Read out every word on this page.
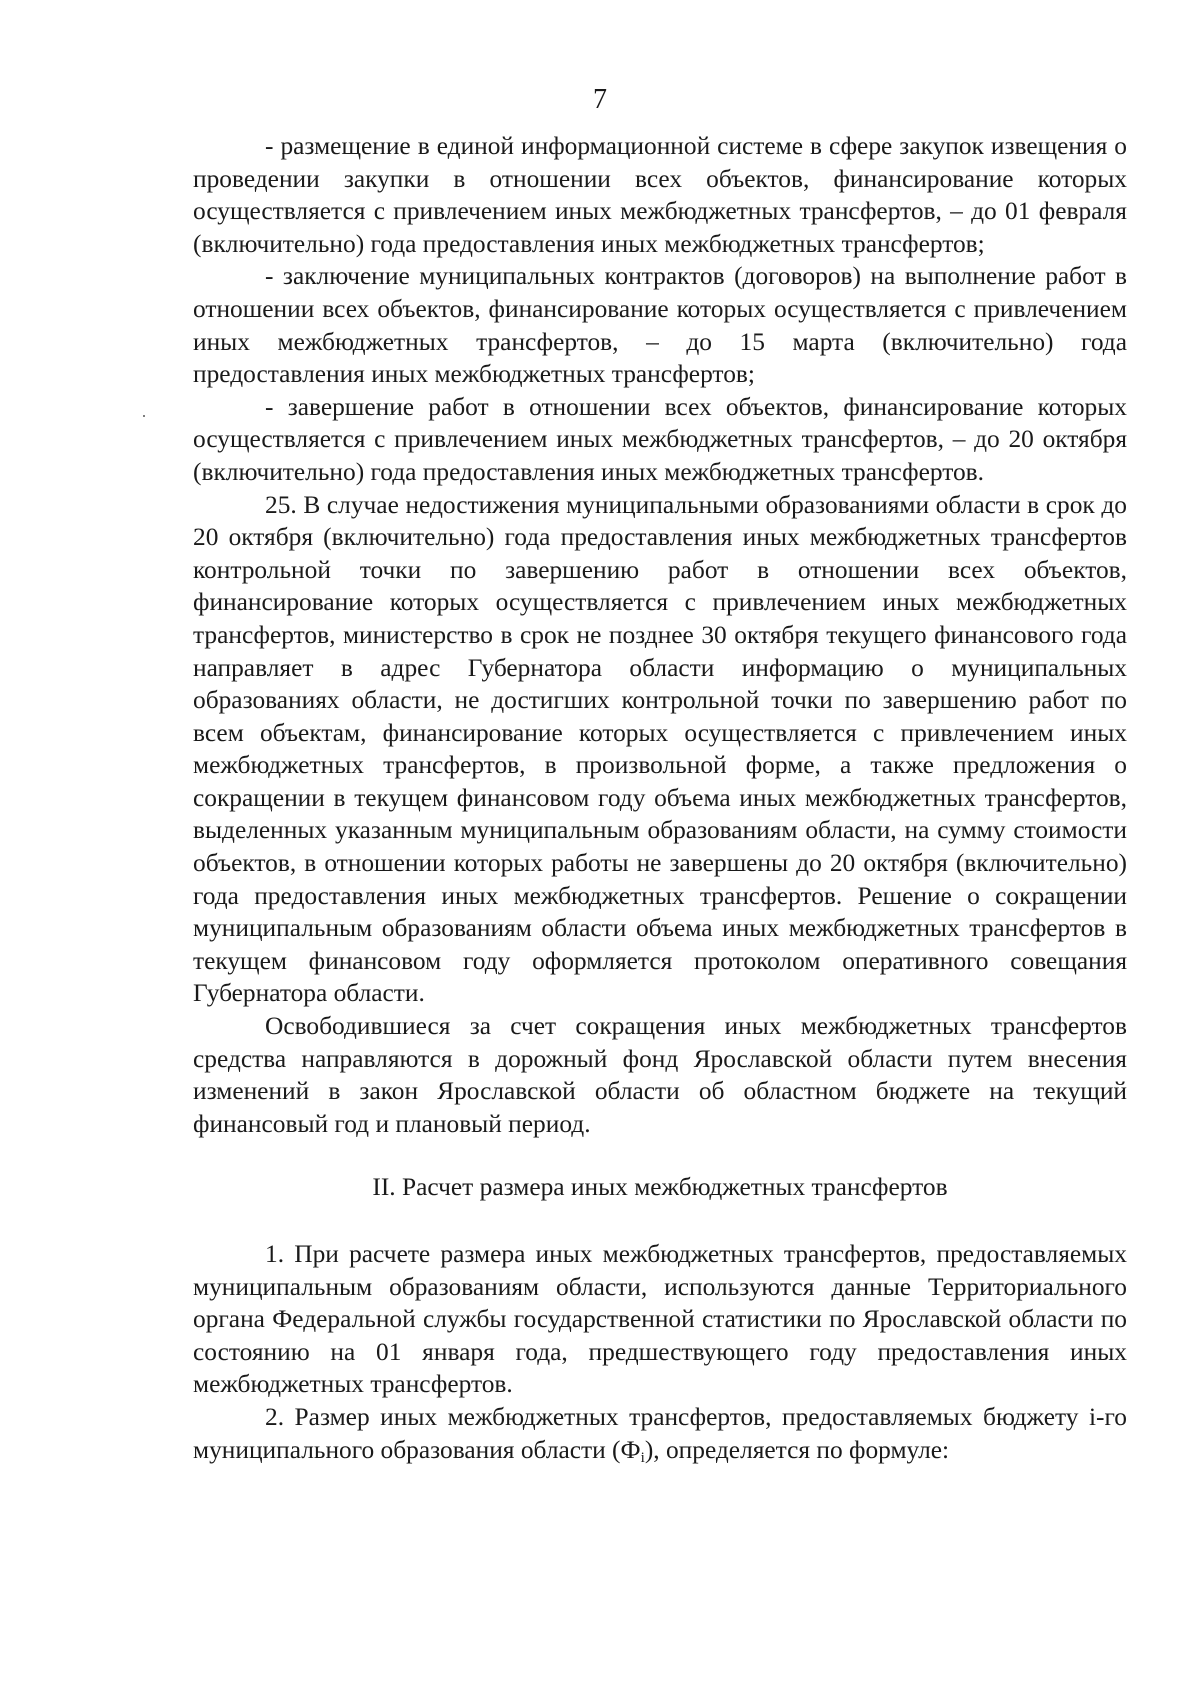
7

- размещение в единой информационной системе в сфере закупок извещения о проведении закупки в отношении всех объектов, финансирование которых осуществляется с привлечением иных межбюджетных трансфертов, – до 01 февраля (включительно) года предоставления иных межбюджетных трансфертов;

- заключение муниципальных контрактов (договоров) на выполнение работ в отношении всех объектов, финансирование которых осуществляется с привлечением иных межбюджетных трансфертов, – до 15 марта (включительно) года предоставления иных межбюджетных трансфертов;

- завершение работ в отношении всех объектов, финансирование которых осуществляется с привлечением иных межбюджетных трансфертов, – до 20 октября (включительно) года предоставления иных межбюджетных трансфертов.

25. В случае недостижения муниципальными образованиями области в срок до 20 октября (включительно) года предоставления иных межбюджетных трансфертов контрольной точки по завершению работ в отношении всех объектов, финансирование которых осуществляется с привлечением иных межбюджетных трансфертов, министерство в срок не позднее 30 октября текущего финансового года направляет в адрес Губернатора области информацию о муниципальных образованиях области, не достигших контрольной точки по завершению работ по всем объектам, финансирование которых осуществляется с привлечением иных межбюджетных трансфертов, в произвольной форме, а также предложения о сокращении в текущем финансовом году объема иных межбюджетных трансфертов, выделенных указанным муниципальным образованиям области, на сумму стоимости объектов, в отношении которых работы не завершены до 20 октября (включительно) года предоставления иных межбюджетных трансфертов. Решение о сокращении муниципальным образованиям области объема иных межбюджетных трансфертов в текущем финансовом году оформляется протоколом оперативного совещания Губернатора области.

Освободившиеся за счет сокращения иных межбюджетных трансфертов средства направляются в дорожный фонд Ярославской области путем внесения изменений в закон Ярославской области об областном бюджете на текущий финансовый год и плановый период.

II. Расчет размера иных межбюджетных трансфертов

1. При расчете размера иных межбюджетных трансфертов, предоставляемых муниципальным образованиям области, используются данные Территориального органа Федеральной службы государственной статистики по Ярославской области по состоянию на 01 января года, предшествующего году предоставления иных межбюджетных трансфертов.

2. Размер иных межбюджетных трансфертов, предоставляемых бюджету i-го муниципального образования области $(Ф_i)$, определяется по формуле:
